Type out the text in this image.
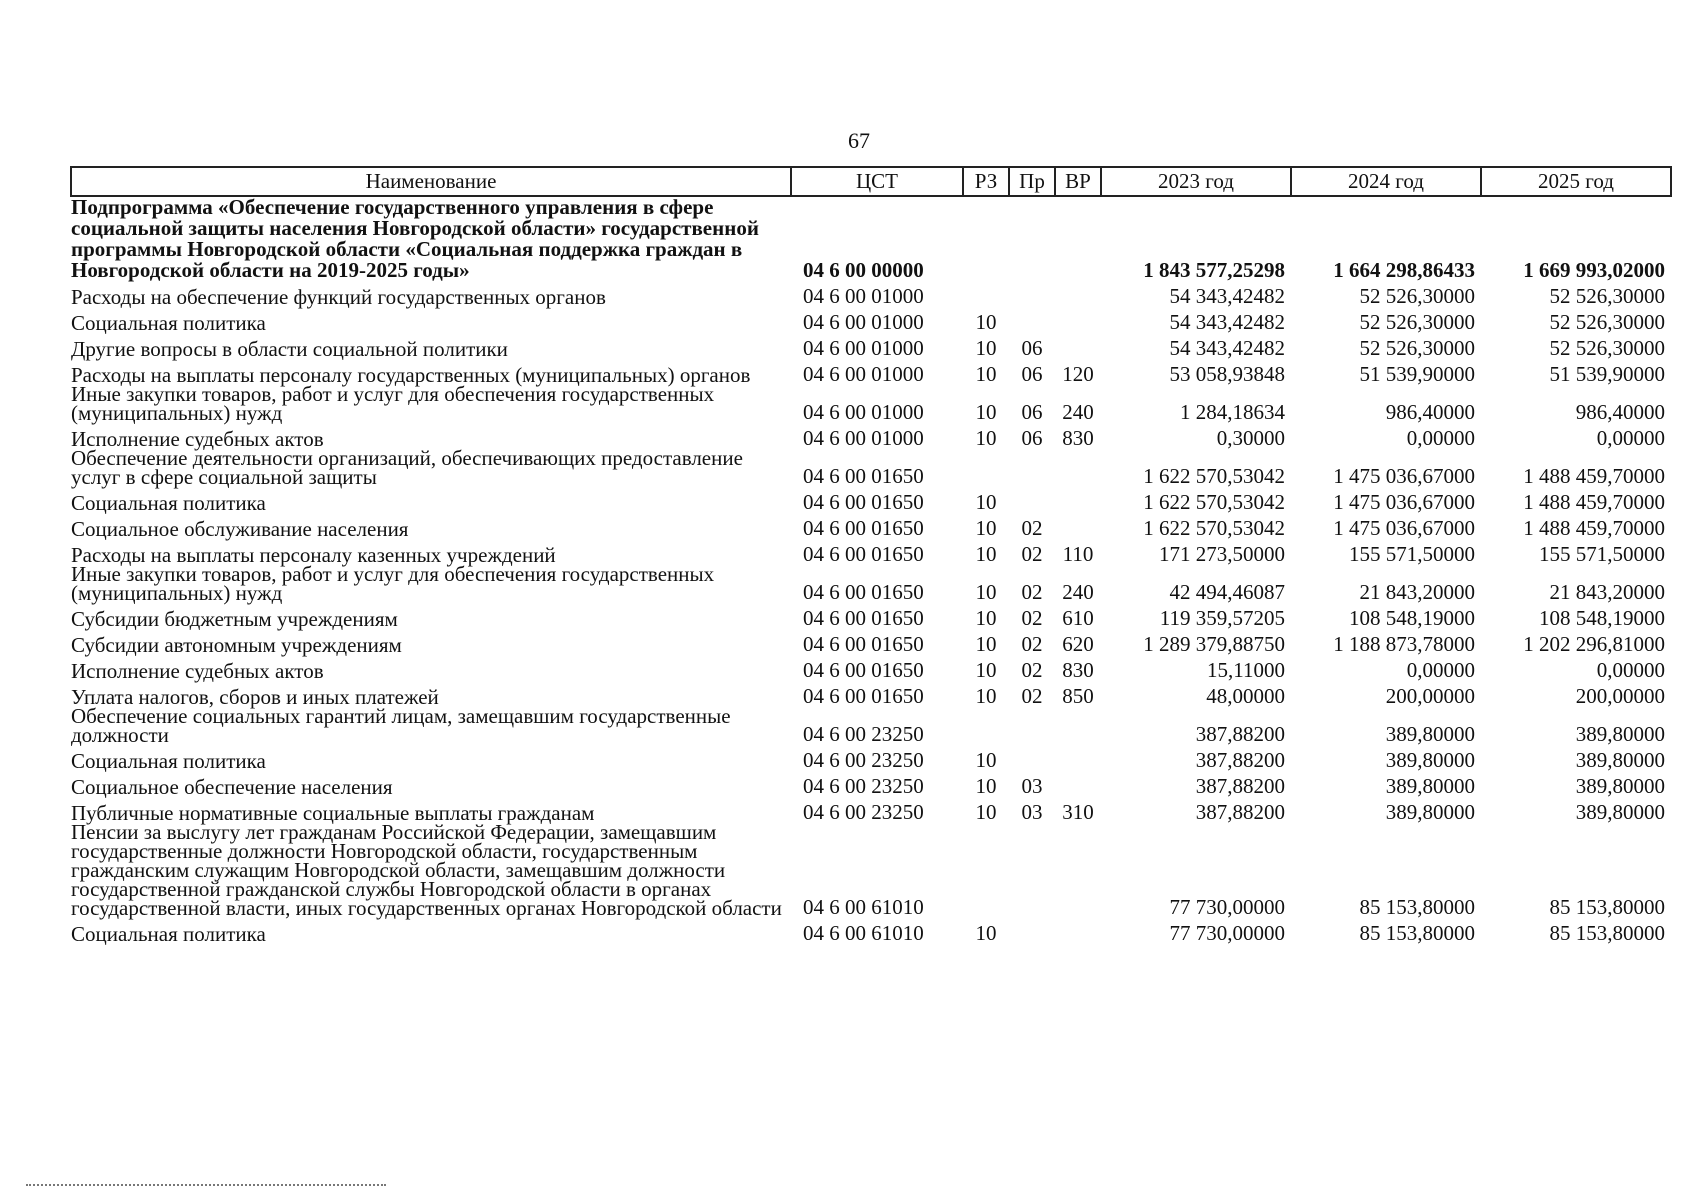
67
Наименование	ЦСТ	РЗ	Пр	ВР	2023 год	2024 год	2025 год
Подпрограмма «Обеспечение государственного управления в сфере социальной защиты населения Новгородской области» государственной программы Новгородской области «Социальная поддержка граждан в Новгородской области на 2019-2025 годы»	04 6 00 00000				1 843 577,25298	1 664 298,86433	1 669 993,02000
Расходы на обеспечение функций государственных органов	04 6 00 01000				54 343,42482	52 526,30000	52 526,30000
Социальная политика	04 6 00 01000	10			54 343,42482	52 526,30000	52 526,30000
Другие вопросы в области социальной политики	04 6 00 01000	10	06		54 343,42482	52 526,30000	52 526,30000
Расходы на выплаты персоналу государственных (муниципальных) органов	04 6 00 01000	10	06	120	53 058,93848	51 539,90000	51 539,90000
Иные закупки товаров, работ и услуг для обеспечения государственных (муниципальных) нужд	04 6 00 01000	10	06	240	1 284,18634	986,40000	986,40000
Исполнение судебных актов	04 6 00 01000	10	06	830	0,30000	0,00000	0,00000
Обеспечение деятельности организаций, обеспечивающих предоставление услуг в сфере социальной защиты	04 6 00 01650				1 622 570,53042	1 475 036,67000	1 488 459,70000
Социальная политика	04 6 00 01650	10			1 622 570,53042	1 475 036,67000	1 488 459,70000
Социальное обслуживание населения	04 6 00 01650	10	02		1 622 570,53042	1 475 036,67000	1 488 459,70000
Расходы на выплаты персоналу казенных учреждений	04 6 00 01650	10	02	110	171 273,50000	155 571,50000	155 571,50000
Иные закупки товаров, работ и услуг для обеспечения государственных (муниципальных) нужд	04 6 00 01650	10	02	240	42 494,46087	21 843,20000	21 843,20000
Субсидии бюджетным учреждениям	04 6 00 01650	10	02	610	119 359,57205	108 548,19000	108 548,19000
Субсидии автономным учреждениям	04 6 00 01650	10	02	620	1 289 379,88750	1 188 873,78000	1 202 296,81000
Исполнение судебных актов	04 6 00 01650	10	02	830	15,11000	0,00000	0,00000
Уплата налогов, сборов и иных платежей	04 6 00 01650	10	02	850	48,00000	200,00000	200,00000
Обеспечение социальных гарантий лицам, замещавшим государственные должности	04 6 00 23250				387,88200	389,80000	389,80000
Социальная политика	04 6 00 23250	10			387,88200	389,80000	389,80000
Социальное обеспечение населения	04 6 00 23250	10	03		387,88200	389,80000	389,80000
Публичные нормативные социальные выплаты гражданам	04 6 00 23250	10	03	310	387,88200	389,80000	389,80000
Пенсии за выслугу лет гражданам Российской Федерации, замещавшим государственные должности Новгородской области, государственным гражданским служащим Новгородской области, замещавшим должности государственной гражданской службы Новгородской области в органах государственной власти, иных государственных органах Новгородской области	04 6 00 61010				77 730,00000	85 153,80000	85 153,80000
Социальная политика	04 6 00 61010	10			77 730,00000	85 153,80000	85 153,80000
